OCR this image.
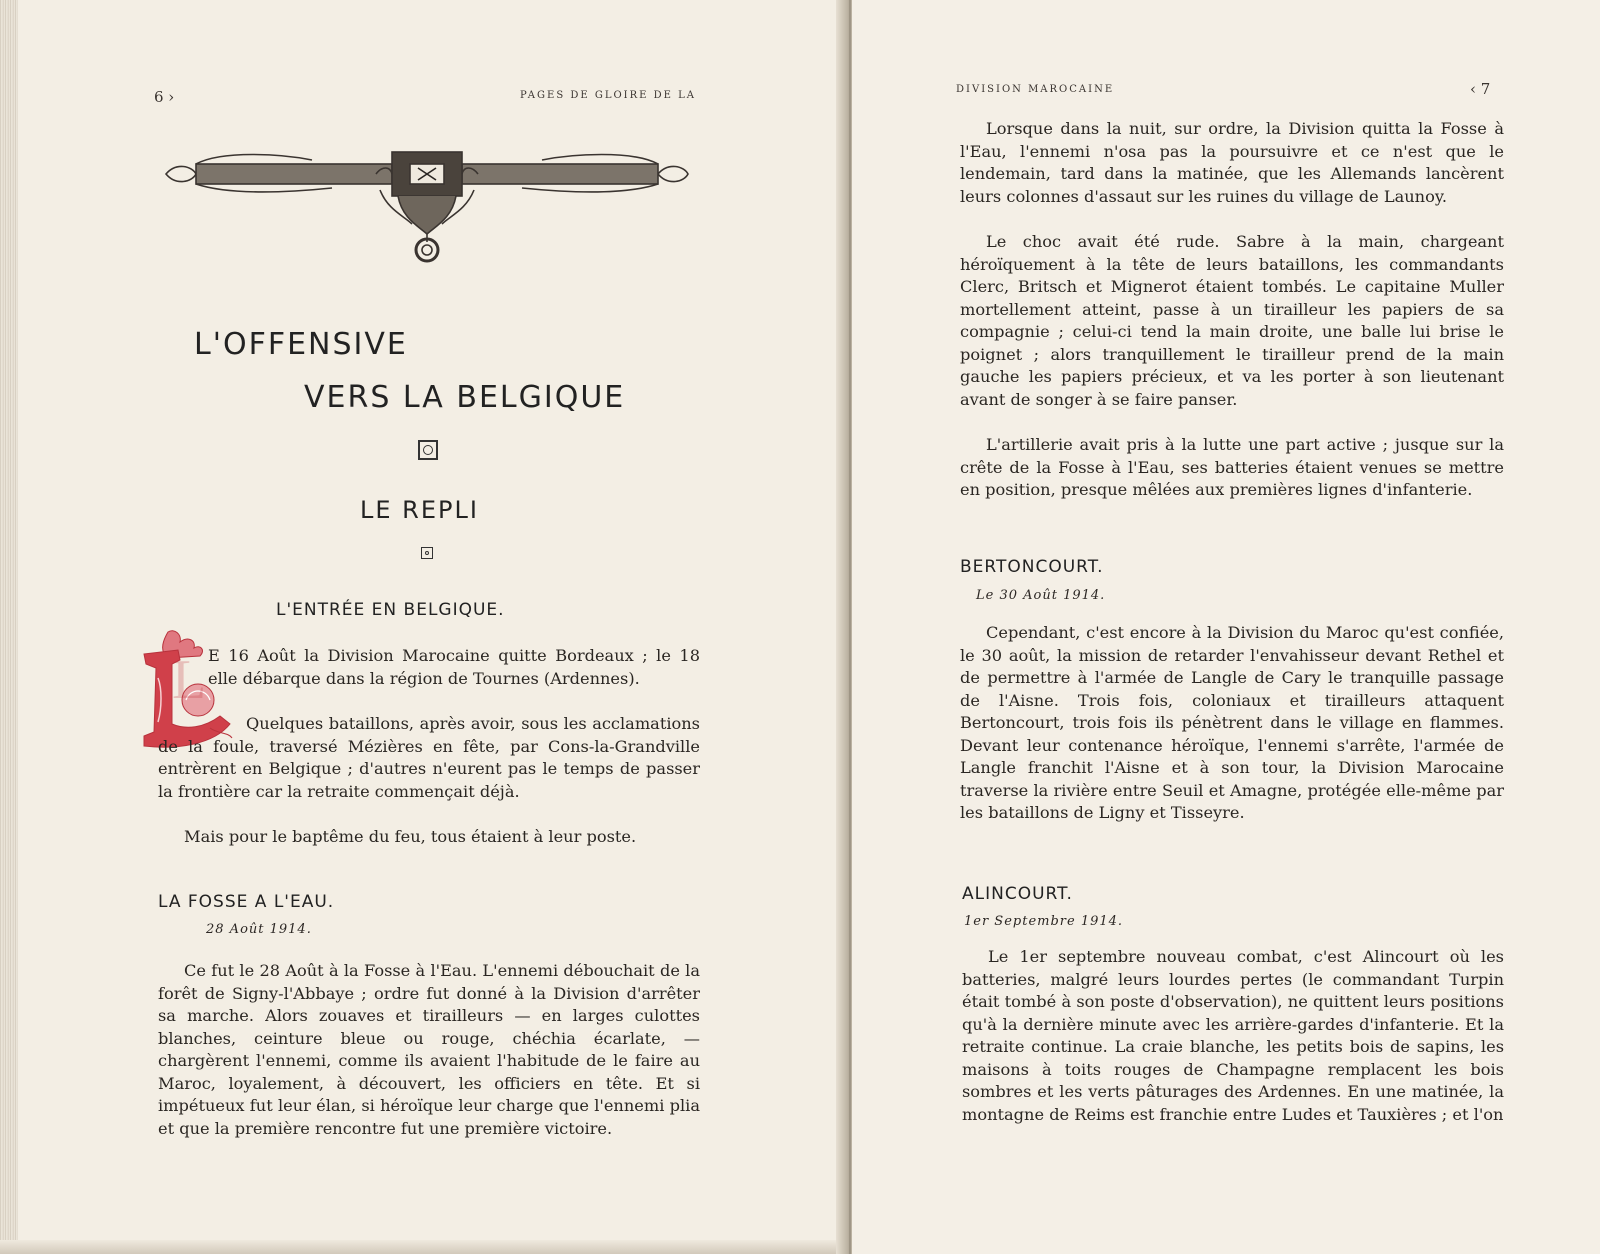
6 ›	PAGES DE GLOIRE DE LA
L'OFFENSIVE
VERS LA BELGIQUE
LE REPLI
L'ENTRÉE EN BELGIQUE.
L E 16 Août la Division Marocaine quitte Bordeaux ; le 18 elle débarque dans la région de Tournes (Ardennes).

Quelques bataillons, après avoir, sous les acclamations de la foule, traversé Mézières en fête, par Cons-la-Grandville entrèrent en Belgique ; d'autres n'eurent pas le temps de passer la frontière car la retraite commençait déjà.

Mais pour le baptême du feu, tous étaient à leur poste.

LA FOSSE A L'EAU.
28 Août 1914.

Ce fut le 28 Août à la Fosse à l'Eau. L'ennemi débouchait de la forêt de Signy-l'Abbaye ; ordre fut donné à la Division d'arrêter sa marche. Alors zouaves et tirailleurs — en larges culottes blanches, ceinture bleue ou rouge, chéchia écarlate, — chargèrent l'ennemi, comme ils avaient l'habitude de le faire au Maroc, loyalement, à découvert, les officiers en tête. Et si impétueux fut leur élan, si héroïque leur charge que l'ennemi plia et que la première rencontre fut une première victoire.

DIVISION MAROCAINE	‹ 7

Lorsque dans la nuit, sur ordre, la Division quitta la Fosse à l'Eau, l'ennemi n'osa pas la poursuivre et ce n'est que le lendemain, tard dans la matinée, que les Allemands lancèrent leurs colonnes d'assaut sur les ruines du village de Launoy.

Le choc avait été rude. Sabre à la main, chargeant héroïquement à la tête de leurs bataillons, les commandants Clerc, Britsch et Mignerot étaient tombés. Le capitaine Muller mortellement atteint, passe à un tirailleur les papiers de sa compagnie ; celui-ci tend la main droite, une balle lui brise le poignet ; alors tranquillement le tirailleur prend de la main gauche les papiers précieux, et va les porter à son lieutenant avant de songer à se faire panser.

L'artillerie avait pris à la lutte une part active ; jusque sur la crête de la Fosse à l'Eau, ses batteries étaient venues se mettre en position, presque mêlées aux premières lignes d'infanterie.

BERTONCOURT.
Le 30 Août 1914.

Cependant, c'est encore à la Division du Maroc qu'est confiée, le 30 août, la mission de retarder l'envahisseur devant Rethel et de permettre à l'armée de Langle de Cary le tranquille passage de l'Aisne. Trois fois, coloniaux et tirailleurs attaquent Bertoncourt, trois fois ils pénètrent dans le village en flammes. Devant leur contenance héroïque, l'ennemi s'arrête, l'armée de Langle franchit l'Aisne et à son tour, la Division Marocaine traverse la rivière entre Seuil et Amagne, protégée elle-même par les bataillons de Ligny et Tisseyre.

ALINCOURT.
1er Septembre 1914.

Le 1er septembre nouveau combat, c'est Alincourt où les batteries, malgré leurs lourdes pertes (le commandant Turpin était tombé à son poste d'observation), ne quittent leurs positions qu'à la dernière minute avec les arrière-gardes d'infanterie. Et la retraite continue. La craie blanche, les petits bois de sapins, les maisons à toits rouges de Champagne remplacent les bois sombres et les verts pâturages des Ardennes. En une matinée, la montagne de Reims est franchie entre Ludes et Tauxières ; et l'on
